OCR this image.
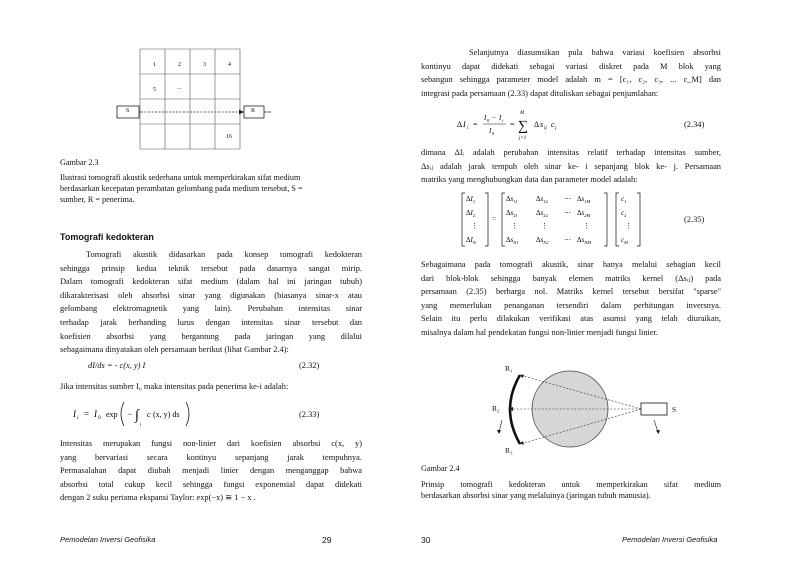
1	2	3	4
5	...
16
S	R
Gambar 2.3
Ilustrasi tomografi akustik sederhana untuk memperkirakan sifat medium
berdasarkan kecepatan perambatan gelombang pada medium tersebut, S =
sumber, R = penerima.
Tomografi kedokteran
Tomografi akustik didasarkan pada konsep tomografi kedokteran
sehingga prinsip kedua teknik tersebut pada dasarnya sangat mirip.
Dalam tomografi kedokteran sifat medium (dalam hal ini jaringan tubuh)
dikarakterisasi oleh absorbsi sinar yang digunakan (biasanya sinar-x atau
gelombang elektromagnetik yang lain). Perubahan intensitas sinar
terhadap jarak berbanding lurus dengan intensitas sinar tersebut dan
koefisien absorbsi yang bergantung pada jaringan yang dilalui
sebagaimana dinyatakan oleh persamaan berikut (lihat Gambar 2.4):
dI/ds = - c(x, y) I	(2.32)
Jika intensitas sumber I₀ maka intensitas pada penerima ke-i adalah:
I i = I 0 exp − ∫
i
c (x, y) ds	(2.33)
Intensitas merupakan fungsi non-linier dari koefisien absorbsi c(x, y)
yang bervariasi secara kontinyu sepanjang jarak tempuhnya.
Permasalahan dapat diubah menjadi linier dengan menganggap bahwa
absorbsi total cukup kecil sehingga fungsi exponensial dapat didekati
dengan 2 suku pertama ekspansi Taylor: exp(−x) ≅ 1 − x .
Pemodelan Inversi Geofisika	29
Selanjutnya diasumsikan pula bahwa variasi koefisien absorbsi
kontinyu dapat didekati sebagai variasi diskret pada M blok yang
sebangun sehingga parameter model adalah m = [c₁, c₂, c₃, ... c_M] dan
integrasi pada persamaan (2.33) dapat dituliskan sebagai penjumlahan:
Δ I i =
I 0 − I i
I 0
=
M
∑
j=1
Δ s ij c j	(2.34)
dimana ΔIᵢ adalah perubahan intensitas relatif terhadap intensitas sumber,
Δsᵢⱼ adalah jarak tempuh oleh sinar ke- i sepanjang blok ke- j. Persamaan
matriks yang menghubungkan data dan parameter model adalah:
$\Delta I_1$
$\Delta I_2$
⋮
$\Delta I_N$
=
$\Delta s_{11}$	$\Delta s_{12}$ ⋯ $\Delta s_{1M}$
$\Delta s_{21}$	$\Delta s_{22}$ ⋯ $\Delta s_{2M}$
⋮	⋮	⋮
$\Delta s_{N1}$ $\Delta s_{N2}$ ⋯ $\Delta s_{NM}$
$c_1$
$c_2$
⋮
$c_M$
(2.35)
Sebagaimana pada tomografi akustik, sinar hanya melalui sebagian kecil
dari blok-blok sehingga banyak elemen matriks kernel (Δsᵢⱼ) pada
persamaan (2.35) berharga nol. Matriks kernel tersebut bersifat "sparse"
yang memerlukan penanganan tersendiri dalam perhitungan inversnya.
Selain itu perlu dilakukan verifikasi atas asumsi yang telah diuraikan,
misalnya dalam hal pendekatan fungsi non-linier menjadi fungsi linier.
R₁
R₂
R₃
S
Gambar 2.4
Prinsip tomografi kedokteran untuk memperkirakan sifat medium
berdasarkan absorbsi sinar yang melaluinya (jaringan tubuh manusia).
30	Pemodelan Inversi Geofisika
